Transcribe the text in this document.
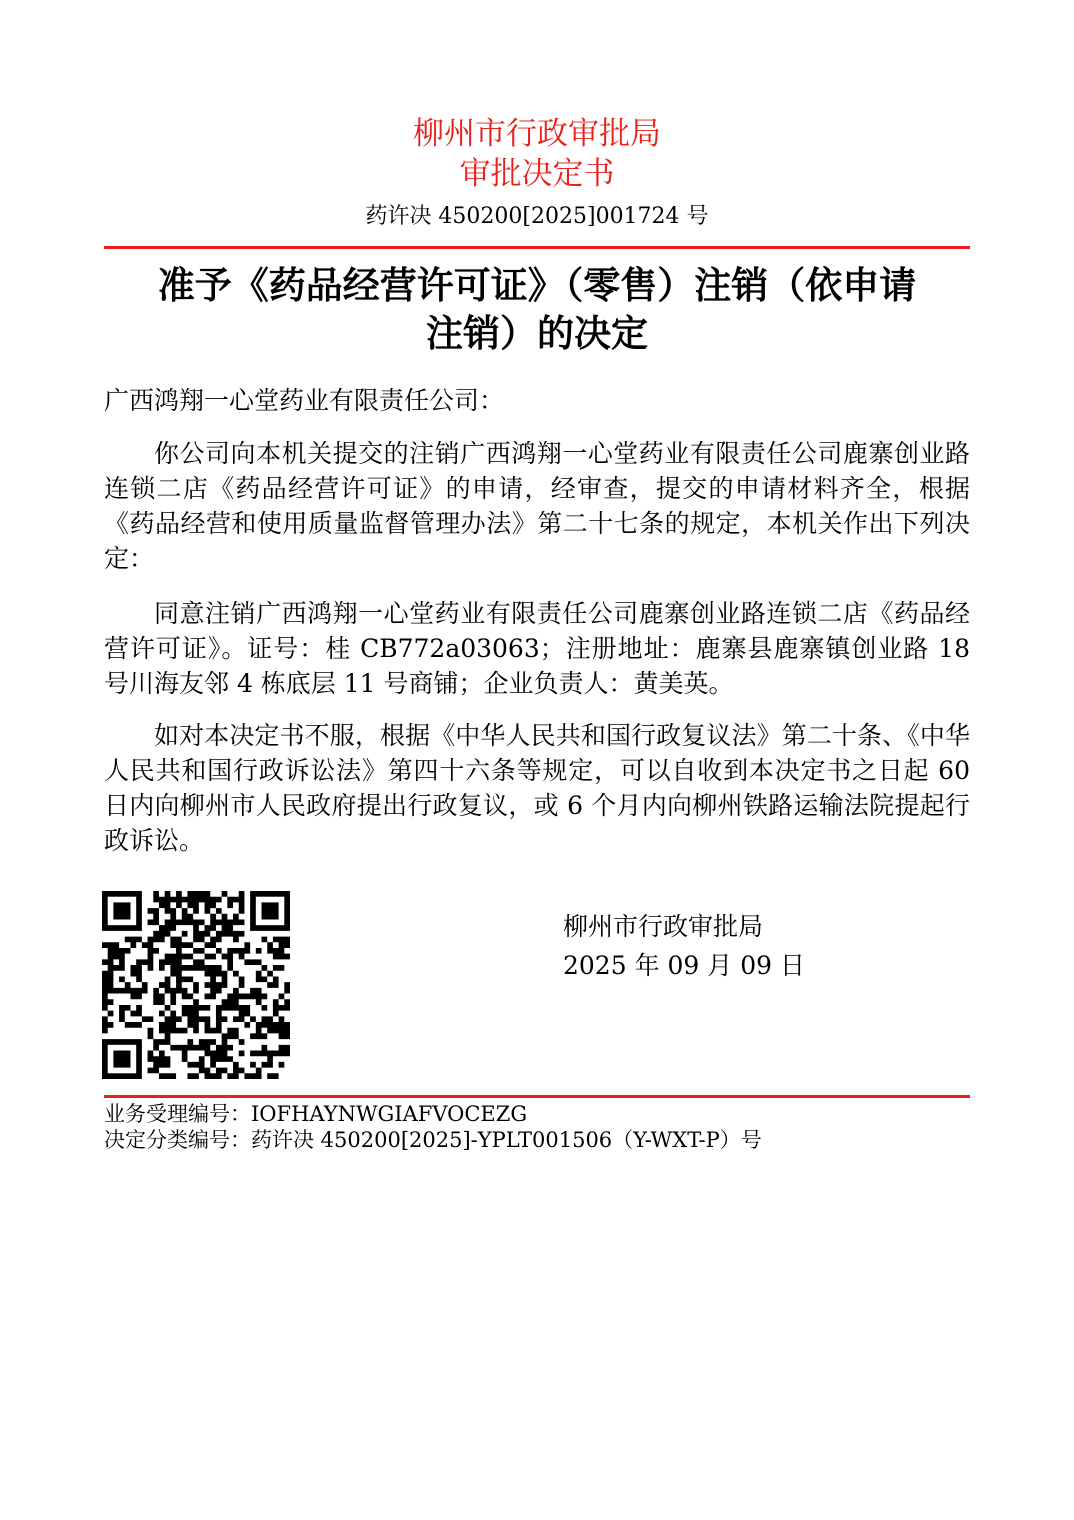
柳州市行政审批局
审批决定书
药许决 450200[2025]001724 号
准予《药品经营许可证》（零售）注销（依申请
注销）的决定
广西鸿翔一心堂药业有限责任公司：
你公司向本机关提交的注销广西鸿翔一心堂药业有限责任公司鹿寨创业路连锁二店《药品经营许可证》的申请，经审查，提交的申请材料齐全，根据《药品经营和使用质量监督管理办法》第二十七条的规定，本机关作出下列决定：
同意注销广西鸿翔一心堂药业有限责任公司鹿寨创业路连锁二店《药品经营许可证》。证号：桂 CB772a03063；注册地址：鹿寨县鹿寨镇创业路 18 号川海友邻 4 栋底层 11 号商铺；企业负责人：黄美英。
如对本决定书不服，根据《中华人民共和国行政复议法》第二十条、《中华人民共和国行政诉讼法》第四十六条等规定，可以自收到本决定书之日起 60 日内向柳州市人民政府提出行政复议，或 6 个月内向柳州铁路运输法院提起行政诉讼。
柳州市行政审批局
2025 年 09 月 09 日
业务受理编号：IOFHAYNWGIAFVOCEZG
决定分类编号：药许决 450200[2025]-YPLT001506（Y-WXT-P）号
